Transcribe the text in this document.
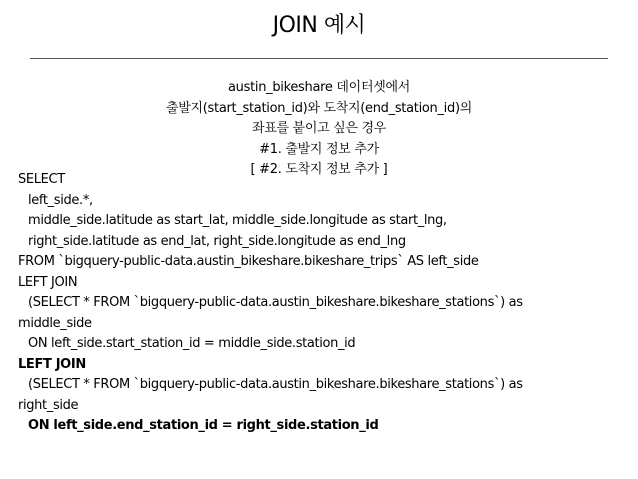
JOIN 예시
austin_bikeshare 데이터셋에서
출발지(start_station_id)와 도착지(end_station_id)의
좌표를 붙이고 싶은 경우
#1. 출발지 정보 추가
[ #2. 도착지 정보 추가 ]
SELECT
left_side.*,
middle_side.latitude as start_lat, middle_side.longitude as start_lng,
right_side.latitude as end_lat, right_side.longitude as end_lng
FROM `bigquery-public-data.austin_bikeshare.bikeshare_trips` AS left_side
LEFT JOIN
(SELECT * FROM `bigquery-public-data.austin_bikeshare.bikeshare_stations`) as
middle_side
ON left_side.start_station_id = middle_side.station_id
LEFT JOIN
(SELECT * FROM `bigquery-public-data.austin_bikeshare.bikeshare_stations`) as
right_side
ON left_side.end_station_id = right_side.station_id
